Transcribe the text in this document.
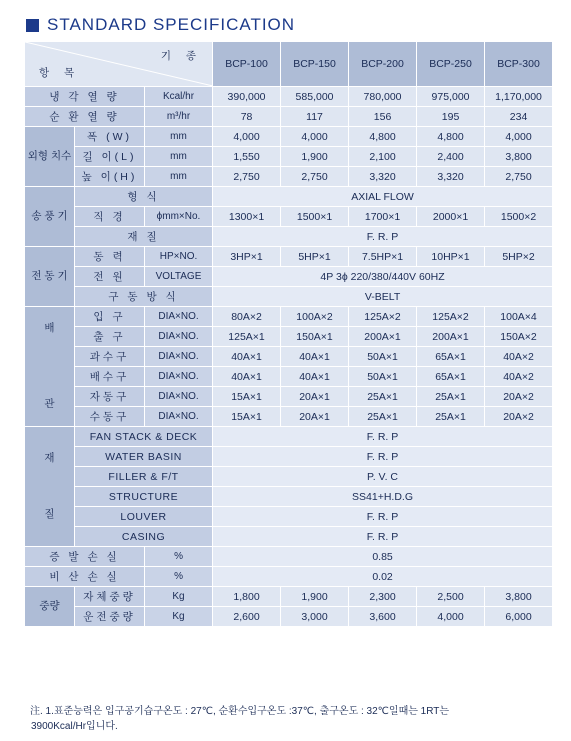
STANDARD SPECIFICATION
기 종
항 목			BCP-100	BCP-150	BCP-200	BCP-250	BCP-300
냉 각 열 량		Kcal/hr	390,000	585,000	780,000	975,000	1,170,000
순 환 열 량		m³/hr	78	117	156	195	234
외형 치수	폭 (W)	mm	4,000	4,000	4,800	4,800	4,000
	길 이(L)	mm	1,550	1,900	2,100	2,400	3,800
	높 이(H)	mm	2,750	2,750	3,320	3,320	2,750
송 풍 기	형 식		AXIAL FLOW				
	직 경	ϕmm×No.	1300×1	1500×1	1700×1	2000×1	1500×2
	재 질		F. R. P				
전 동 기	동 력	HP×NO.	3HP×1	5HP×1	7.5HP×1	10HP×1	5HP×2
	전 원	VOLTAGE	4P 3ϕ 220/380/440V 60HZ				
	구 동 방 식		V-BELT				

배
관	입 구	DIA×NO.	80A×2	100A×2	125A×2	125A×2	100A×4
	출 구	DIA×NO.	125A×1	150A×1	200A×1	200A×1	150A×2
	과수구	DIA×NO.	40A×1	40A×1	50A×1	65A×1	40A×2
	배수구	DIA×NO.	40A×1	40A×1	50A×1	65A×1	40A×2
	자동구	DIA×NO.	15A×1	20A×1	25A×1	25A×1	20A×2
	수동구	DIA×NO.	15A×1	20A×1	25A×1	25A×1	20A×2

재
질	FAN STACK & DECK		F. R. P				
	WATER BASIN		F. R. P				
	FILLER & F/T		P. V. C				
	STRUCTURE		SS41+H.D.G				
	LOUVER		F. R. P				
	CASING		F. R. P				
증 발 손 실		%	0.85				
비 산 손 실		%	0.02				
중량	자체중량	Kg	1,800	1,900	2,300	2,500	3,800
	운전중량	Kg	2,600	3,000	3,600	4,000	6,000
注. 1.표준능력은 입구공기습구온도 : 27℃, 순환수입구온도 :37℃, 출구온도 : 32℃일때는 1RT는
3900Kcal/Hr입니다.
